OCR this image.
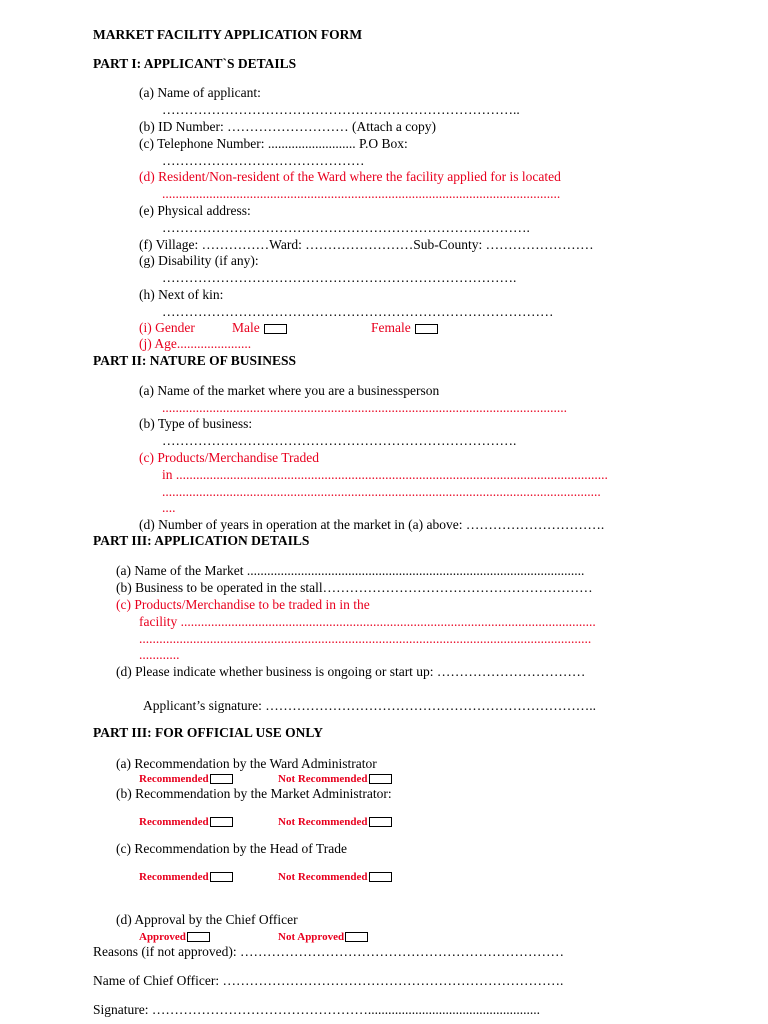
MARKET FACILITY APPLICATION FORM
PART I: APPLICANT`S DETAILS
(a) Name of applicant:
……………………………………………………………………..
(b) ID Number: ……………………… (Attach a copy)
(c) Telephone Number: .......................... P.O Box:
………………………………………
(d) Resident/Non-resident of the Ward where the facility applied for is located
......................................................................................................................
(e) Physical address:
……………………………………………………………………….
(f) Village: ……………Ward: ……………………Sub-County: ……………………
(g) Disability (if any):
…………………………………………………………………….
(h) Next of kin:
……………………………………………………………………………
(i) Gender	Male	Female
(j) Age......................
PART II: NATURE OF BUSINESS
(a) Name of the market where you are a businessperson
........................................................................................................................
(b) Type of business:
…………………………………………………………………….
(c) Products/Merchandise Traded
in ................................................................................................................................
..................................................................................................................................
....
(d) Number of years in operation at the market in (a) above: ………………………….
PART III: APPLICATION DETAILS
(a) Name of the Market ....................................................................................................
(b) Business to be operated in the stall……………………………………………………
(c) Products/Merchandise to be traded in in the
facility ...........................................................................................................................
......................................................................................................................................
............
(d) Please indicate whether business is ongoing or start up: ……………………………
Applicant’s signature: ………………………………………………………………..
PART III: FOR OFFICIAL USE ONLY
(a) Recommendation by the Ward Administrator
Recommended	Not Recommended
(b) Recommendation by the Market Administrator:
Recommended	Not Recommended
(c) Recommendation by the Head of Trade
Recommended	Not Recommended
(d) Approval by the Chief Officer
Approved	Not Approved
Reasons (if not approved): ………………………………………………………………
Name of Chief Officer: ………………………………………………………………….
Signature: …………………………………………...................................................
